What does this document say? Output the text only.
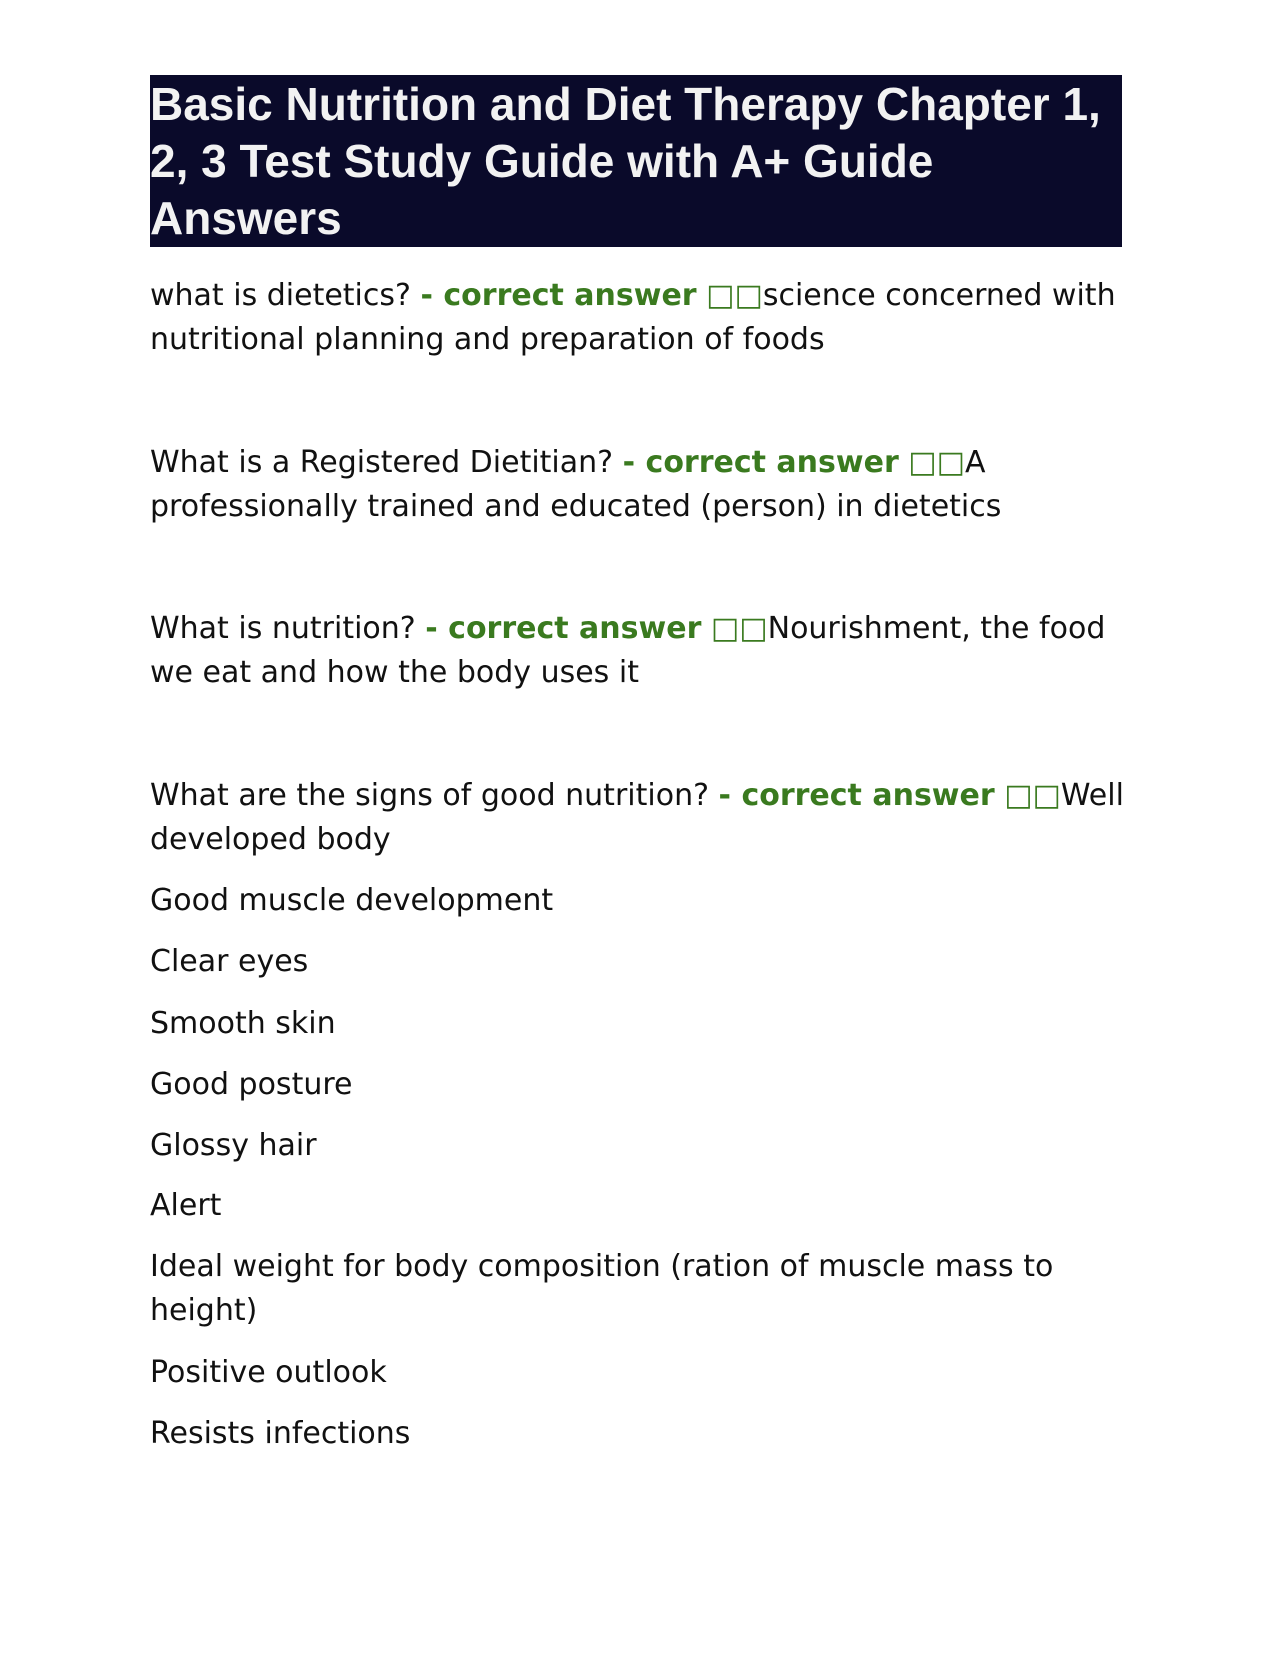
Basic Nutrition and Diet Therapy Chapter 1, 2, 3 Test Study Guide with A+ Guide Answers
what is dietetics? - correct answer □□science concerned with nutritional planning and preparation of foods
What is a Registered Dietitian? - correct answer □□A professionally trained and educated (person) in dietetics
What is nutrition? - correct answer □□Nourishment, the food we eat and how the body uses it
What are the signs of good nutrition? - correct answer □□Well developed body
Good muscle development
Clear eyes
Smooth skin
Good posture
Glossy hair
Alert
Ideal weight for body composition (ration of muscle mass to height)
Positive outlook
Resists infections
